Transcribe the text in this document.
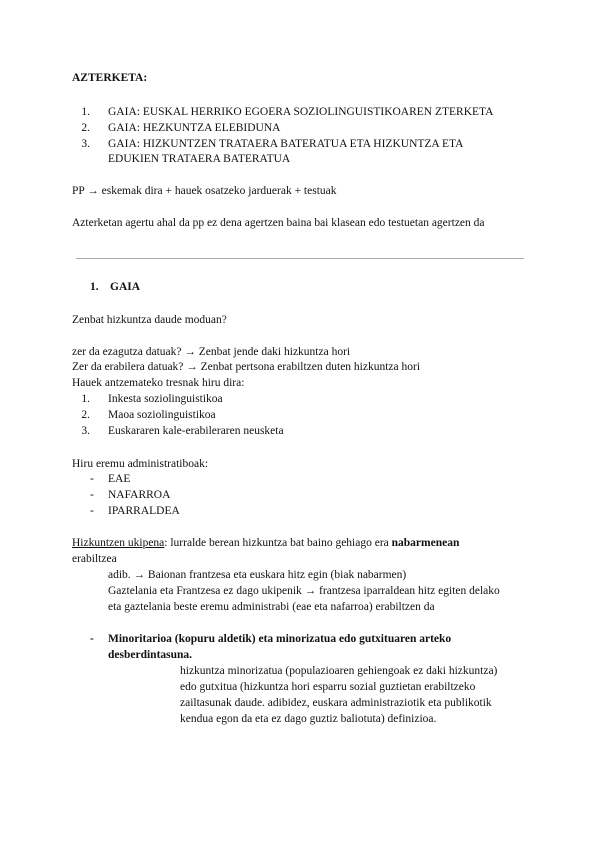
AZTERKETA:
1. GAIA: EUSKAL HERRIKO EGOERA SOZIOLINGUISTIKOAREN ZTERKETA
2. GAIA: HEZKUNTZA ELEBIDUNA
3. GAIA: HIZKUNTZEN TRATAERA BATERATUA ETA HIZKUNTZA ETA
EDUKIEN TRATAERA BATERATUA
PP → eskemak dira + hauek osatzeko jarduerak + testuak
Azterketan agertu ahal da pp ez dena agertzen baina bai klasean edo testuetan agertzen da
1. GAIA
Zenbat hizkuntza daude moduan?
zer da ezagutza datuak? → Zenbat jende daki hizkuntza hori
Zer da erabilera datuak? → Zenbat pertsona erabiltzen duten hizkuntza hori
Hauek antzemateko tresnak hiru dira:
1. Inkesta soziolinguistikoa
2. Maoa soziolinguistikoa
3. Euskararen kale-erabileraren neusketa
Hiru eremu administratiboak:
- EAE
- NAFARROA
- IPARRALDEA
Hizkuntzen ukipena: lurralde berean hizkuntza bat baino gehiago era nabarmenean
erabiltzea
adib. → Baionan frantzesa eta euskara hitz egin (biak nabarmen)
Gaztelania eta Frantzesa ez dago ukipenik → frantzesa iparraldean hitz egiten delako
eta gaztelania beste eremu administrabi (eae eta nafarroa) erabiltzen da
- Minoritarioa (kopuru aldetik) eta minorizatua edo gutxituaren arteko
desberdintasuna.
hizkuntza minorizatua (populazioaren gehiengoak ez daki hizkuntza)
edo gutxitua (hizkuntza hori esparru sozial guztietan erabiltzeko
zailtasunak daude. adibidez, euskara administraziotik eta publikotik
kendua egon da eta ez dago guztiz baliotuta) definizioa.
